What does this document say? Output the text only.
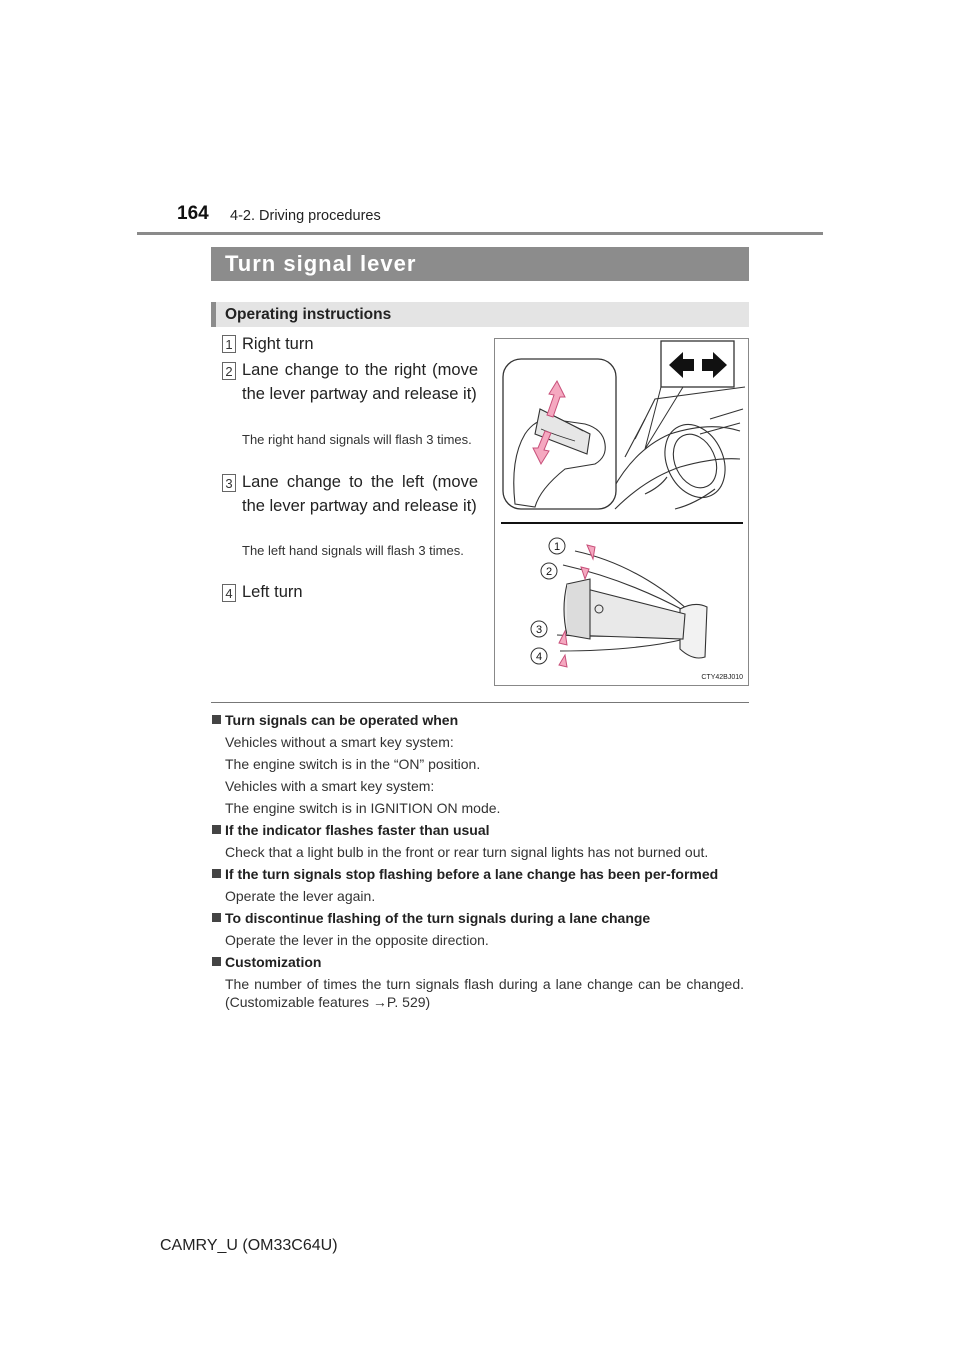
164 4-2. Driving procedures
Turn signal lever
Operating instructions
1 Right turn
2 Lane change to the right (move the lever partway and release it)
The right hand signals will flash 3 times.
3 Lane change to the left (move the lever partway and release it)
The left hand signals will flash 3 times.
4 Left turn
1
2
3
4
CTY42BJ010
Turn signals can be operated when
Vehicles without a smart key system:
The engine switch is in the “ON” position.
Vehicles with a smart key system:
The engine switch is in IGNITION ON mode.
If the indicator flashes faster than usual
Check that a light bulb in the front or rear turn signal lights has not burned out.
If the turn signals stop flashing before a lane change has been per-formed
Operate the lever again.
To discontinue flashing of the turn signals during a lane change
Operate the lever in the opposite direction.
Customization
The number of times the turn signals flash during a lane change can be changed. (Customizable features →P. 529)
CAMRY_U (OM33C64U)
